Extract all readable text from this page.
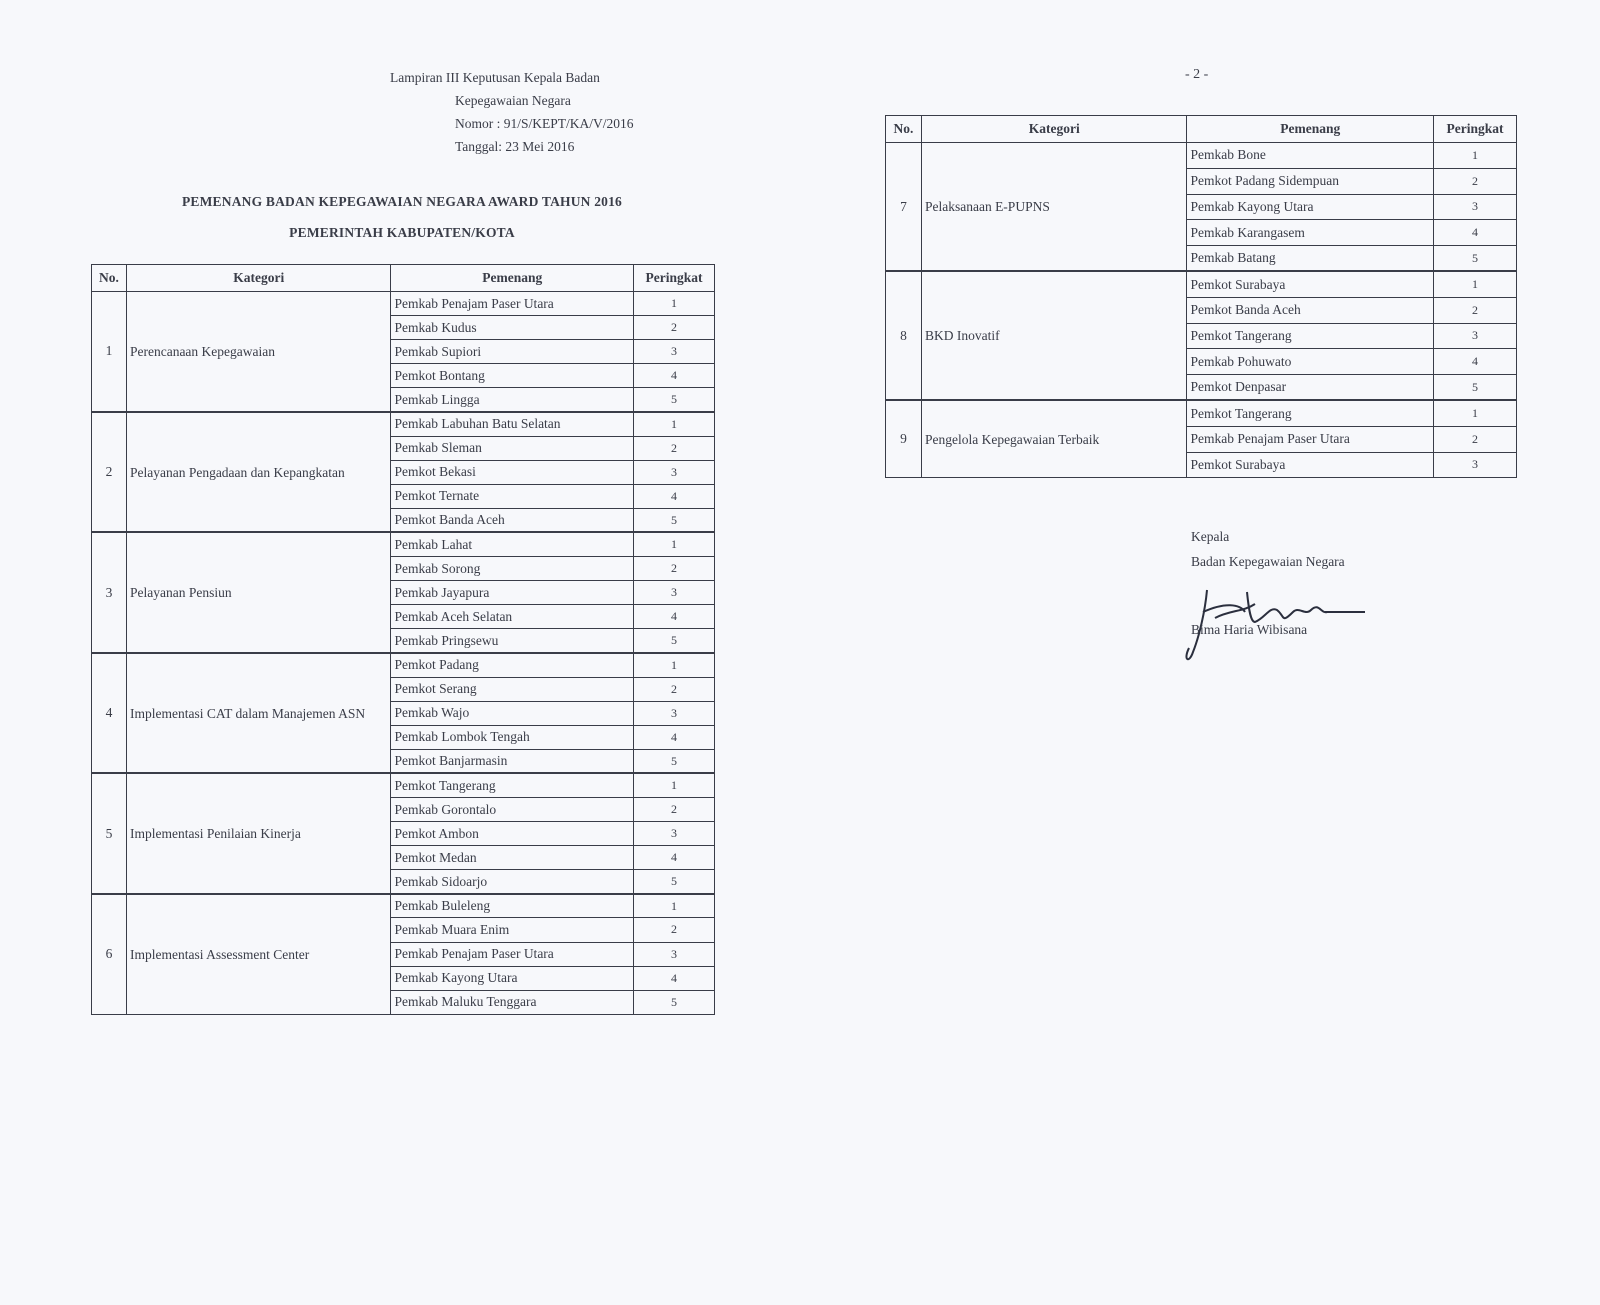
Lampiran III Keputusan Kepala Badan
Kepegawaian Negara
Nomor : 91/S/KEPT/KA/V/2016
Tanggal: 23 Mei 2016
PEMENANG BADAN KEPEGAWAIAN NEGARA AWARD TAHUN 2016
PEMERINTAH KABUPATEN/KOTA
- 2 -
No.	Kategori	Pemenang	Peringkat
1	Perencanaan Kepegawaian	Pemkab Penajam Paser Utara	1
		Pemkab Kudus	2
		Pemkab Supiori	3
		Pemkot Bontang	4
		Pemkab Lingga	5
2	Pelayanan Pengadaan dan Kepangkatan	Pemkab Labuhan Batu Selatan	1
		Pemkab Sleman	2
		Pemkot Bekasi	3
		Pemkot Ternate	4
		Pemkot Banda Aceh	5
3	Pelayanan Pensiun	Pemkab Lahat	1
		Pemkab Sorong	2
		Pemkab Jayapura	3
		Pemkab Aceh Selatan	4
		Pemkab Pringsewu	5
4	Implementasi CAT dalam Manajemen ASN	Pemkot Padang	1
		Pemkot Serang	2
		Pemkab Wajo	3
		Pemkab Lombok Tengah	4
		Pemkot Banjarmasin	5
5	Implementasi Penilaian Kinerja	Pemkot Tangerang	1
		Pemkab Gorontalo	2
		Pemkot Ambon	3
		Pemkot Medan	4
		Pemkab Sidoarjo	5
6	Implementasi Assessment Center	Pemkab Buleleng	1
		Pemkab Muara Enim	2
		Pemkab Penajam Paser Utara	3
		Pemkab Kayong Utara	4
		Pemkab Maluku Tenggara	5
No.	Kategori	Pemenang	Peringkat
7	Pelaksanaan E-PUPNS	Pemkab Bone	1
		Pemkot Padang Sidempuan	2
		Pemkab Kayong Utara	3
		Pemkab Karangasem	4
		Pemkab Batang	5
8	BKD Inovatif	Pemkot Surabaya	1
		Pemkot Banda Aceh	2
		Pemkot Tangerang	3
		Pemkab Pohuwato	4
		Pemkot Denpasar	5
9	Pengelola Kepegawaian Terbaik	Pemkot Tangerang	1
		Pemkab Penajam Paser Utara	2
		Pemkot Surabaya	3
Kepala
Badan Kepegawaian Negara
Bima Haria Wibisana
